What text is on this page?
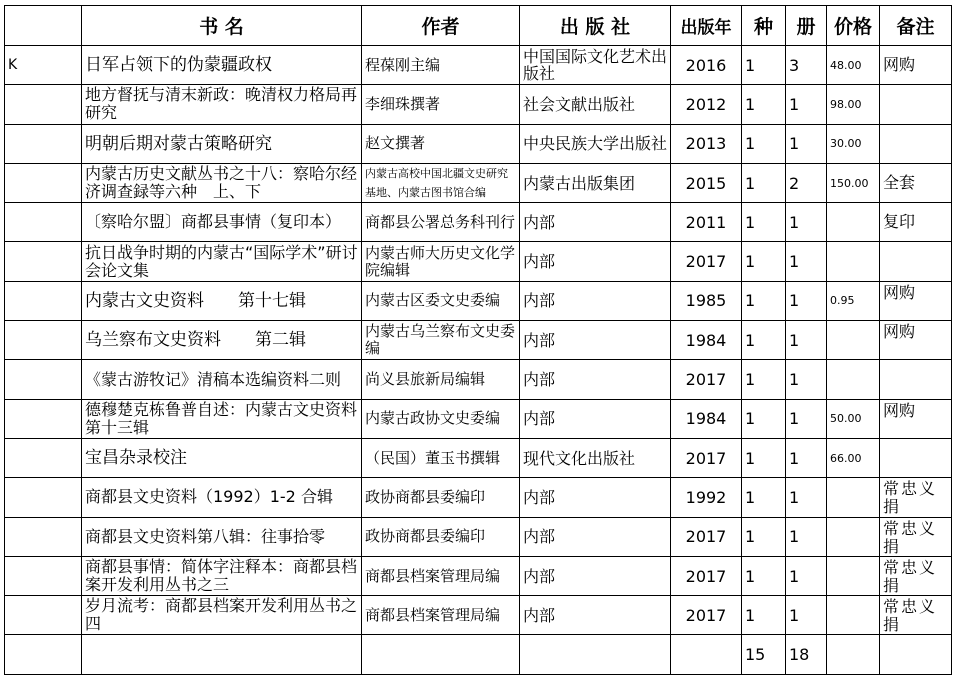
	书 名	作者	出 版 社	出版年	种	册	价格	备注
K	日军占领下的伪蒙疆政权	程葆刚主编	中国国际文化艺术出版社	2016	1	3	48.00	网购
	地方督抚与清末新政：晚清权力格局再研究	李细珠撰著	社会文献出版社	2012	1	1	98.00	
	明朝后期对蒙古策略研究	赵文撰著	中央民族大学出版社	2013	1	1	30.00	
	内蒙古历史文献丛书之十八：察哈尔经济调查録等六种　上、下	内蒙古高校中国北疆文史研究基地、内蒙古图书馆合编	内蒙古出版集团	2015	1	2	150.00	全套
	〔察哈尔盟〕商都县事情（复印本）	商都县公署总务科刊行	内部	2011	1	1		复印
	抗日战争时期的内蒙古“国际学术”研讨会论文集	内蒙古师大历史文化学院编辑	内部	2017	1	1		
	内蒙古文史资料　　第十七辑	内蒙古区委文史委编	内部	1985	1	1	0.95	网购
	乌兰察布文史资料　　第二辑	内蒙古乌兰察布文史委编	内部	1984	1	1		网购
	《蒙古游牧记》清稿本选编资料二则	尚义县旅新局编辑	内部	2017	1	1		
	德穆楚克栋鲁普自述：内蒙古文史资料第十三辑	内蒙古政协文史委编	内部	1984	1	1	50.00	网购
	宝昌杂录校注	（民国）董玉书撰辑	现代文化出版社	2017	1	1	66.00	
	商都县文史资料（1992）1-2 合辑	政协商都县委编印	内部	1992	1	1		常忠义捐
	商都县文史资料第八辑：往事拾零	政协商都县委编印	内部	2017	1	1		常忠义捐
	商都县事情：简体字注释本：商都县档案开发利用丛书之三	商都县档案管理局编	内部	2017	1	1		常忠义捐
	岁月流考：商都县档案开发利用丛书之四	商都县档案管理局编	内部	2017	1	1		常忠义捐
					15	18		
